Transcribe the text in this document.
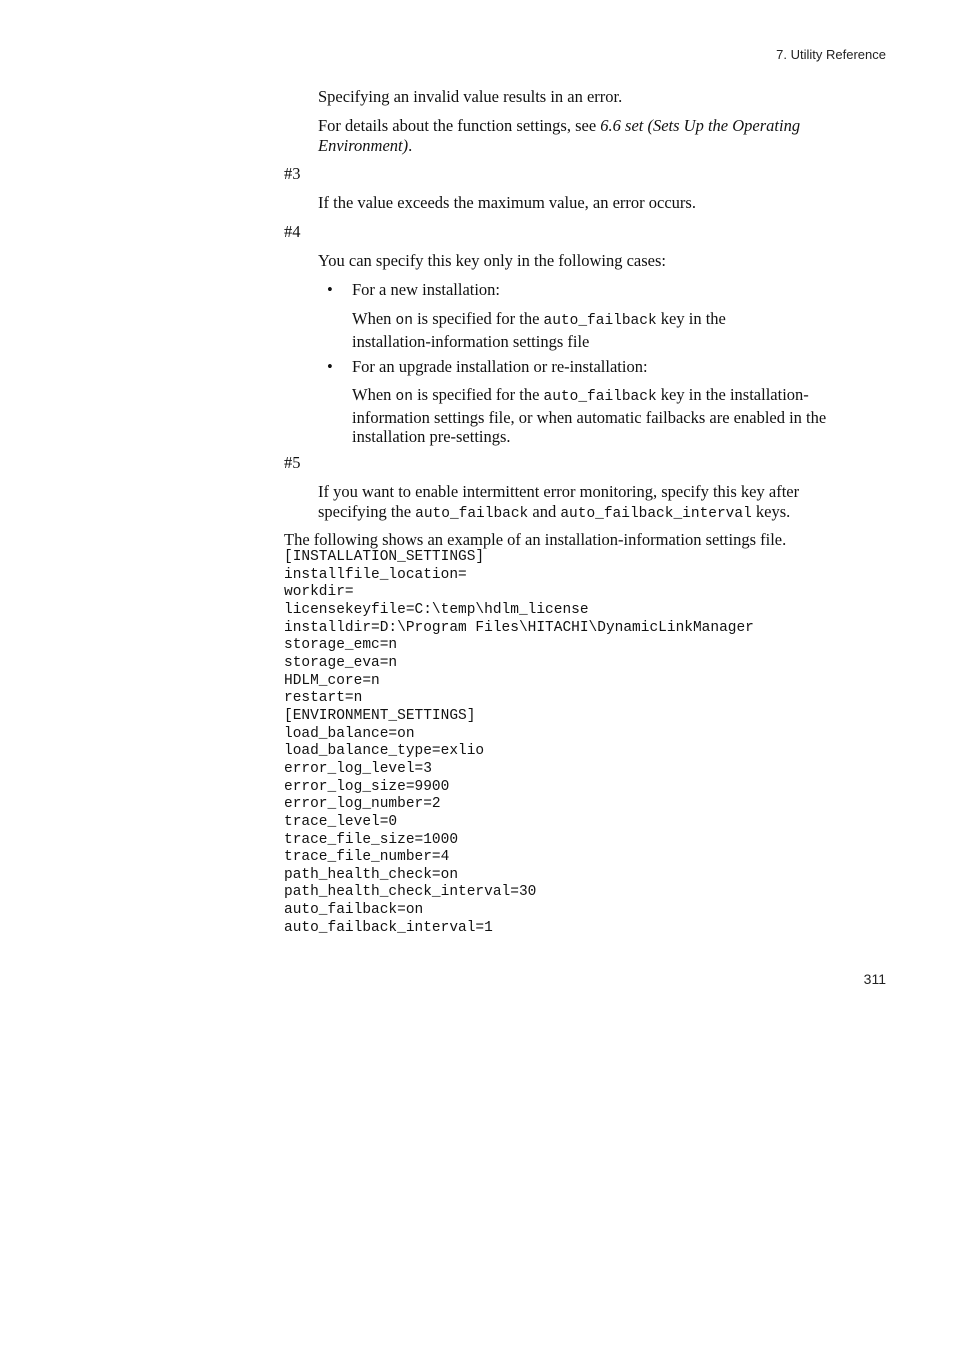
7. Utility Reference

Specifying an invalid value results in an error.

For details about the function settings, see 6.6 set (Sets Up the Operating Environment).

#3

If the value exceeds the maximum value, an error occurs.

#4

You can specify this key only in the following cases:

• For a new installation:

When on is specified for the auto_failback key in the installation-information settings file

• For an upgrade installation or re-installation:

When on is specified for the auto_failback key in the installation-information settings file, or when automatic failbacks are enabled in the installation pre-settings.

#5

If you want to enable intermittent error monitoring, specify this key after specifying the auto_failback and auto_failback_interval keys.

The following shows an example of an installation-information settings file.

[INSTALLATION_SETTINGS]
installfile_location=
workdir=
licensekeyfile=C:\temp\hdlm_license
installdir=D:\Program Files\HITACHI\DynamicLinkManager
storage_emc=n
storage_eva=n
HDLM_core=n
restart=n
[ENVIRONMENT_SETTINGS]
load_balance=on
load_balance_type=exlio
error_log_level=3
error_log_size=9900
error_log_number=2
trace_level=0
trace_file_size=1000
trace_file_number=4
path_health_check=on
path_health_check_interval=30
auto_failback=on
auto_failback_interval=1
311
